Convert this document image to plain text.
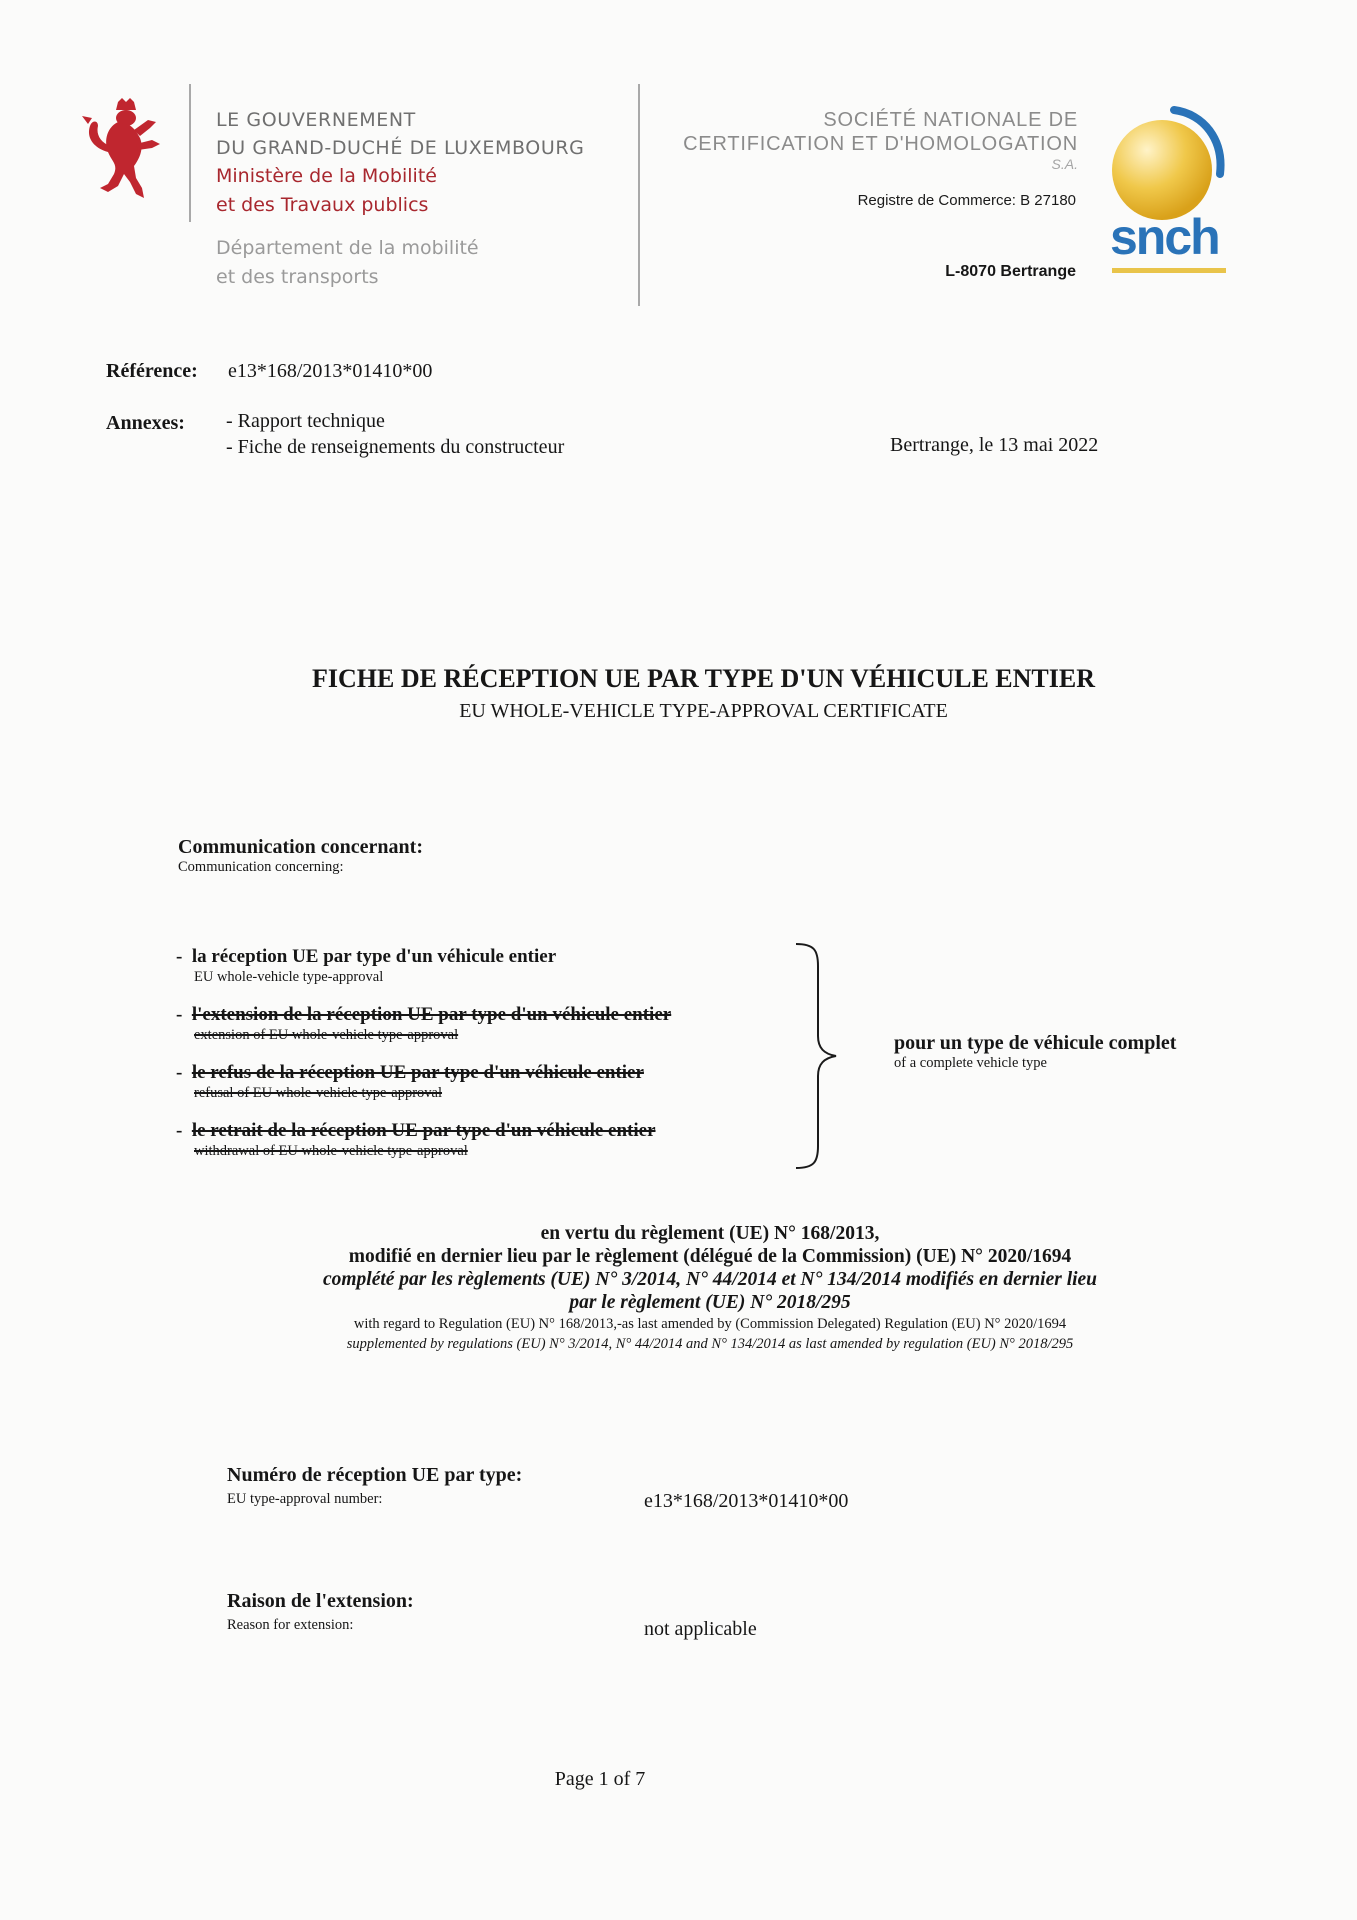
LE GOUVERNEMENT
DU GRAND-DUCHÉ DE LUXEMBOURG
Ministère de la Mobilité
et des Travaux publics
Département de la mobilité
et des transports
SOCIÉTÉ NATIONALE DE
CERTIFICATION ET D'HOMOLOGATION
S.A.
Registre de Commerce: B 27180
L-8070 Bertrange
snch
Référence: e13*168/2013*01410*00
Annexes: - Rapport technique
- Fiche de renseignements du constructeur	Bertrange, le 13 mai 2022
FICHE DE RÉCEPTION UE PAR TYPE D'UN VÉHICULE ENTIER
EU WHOLE-VEHICLE TYPE-APPROVAL CERTIFICATE
Communication concernant:
Communication concerning:
- la réception UE par type d'un véhicule entier
EU whole-vehicle type-approval
- l'extension de la réception UE par type d'un véhicule entier
extension of EU whole-vehicle type-approval
- le refus de la réception UE par type d'un véhicule entier
refusal of EU whole-vehicle type-approval
- le retrait de la réception UE par type d'un véhicule entier
withdrawal of EU whole-vehicle type-approval
pour un type de véhicule complet
of a complete vehicle type
en vertu du règlement (UE) N° 168/2013,
modifié en dernier lieu par le règlement (délégué de la Commission) (UE) N° 2020/1694
complété par les règlements (UE) N° 3/2014, N° 44/2014 et N° 134/2014 modifiés en dernier lieu
par le règlement (UE) N° 2018/295
with regard to Regulation (EU) N° 168/2013,-as last amended by (Commission Delegated) Regulation (EU) N° 2020/1694
supplemented by regulations (EU) N° 3/2014, N° 44/2014 and N° 134/2014 as last amended by regulation (EU) N° 2018/295
Numéro de réception UE par type:
EU type-approval number:	e13*168/2013*01410*00
Raison de l'extension:
Reason for extension:	not applicable
Page 1 of 7
